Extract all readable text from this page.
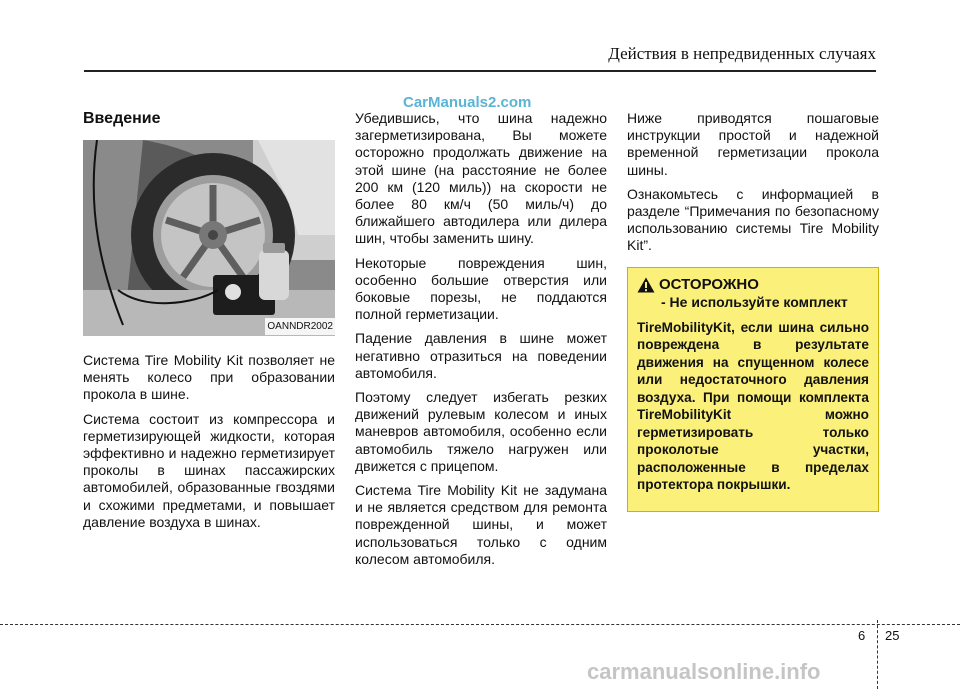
Действия в непредвиденных случаях
CarManuals2.com
Введение
OANNDR2002

Система Tire Mobility Kit позволяет не менять колесо при образовании прокола в шине.

Система состоит из компрессора и герметизирующей жидкости, которая эффективно и надежно герметизирует проколы в шинах пассажирских автомобилей, образованные гвоздями и схожими предметами, и повышает давление воздуха в шинах.

Убедившись, что шина надежно загерметизирована, Вы можете осторожно продолжать движение на этой шине (на расстояние не более 200 км (120 миль)) на скорости не более 80 км/ч (50 миль/ч) до ближайшего автодилера или дилера шин, чтобы заменить шину.

Некоторые повреждения шин, особенно большие отверстия или боковые порезы, не поддаются полной герметизации.

Падение давления в шине может негативно отразиться на поведении автомобиля.

Поэтому следует избегать резких движений рулевым колесом и иных маневров автомобиля, особенно если автомобиль тяжело нагружен или движется с прицепом.

Система Tire Mobility Kit не задумана и не является средством для ремонта поврежденной шины, и может использоваться только с одним колесом автомобиля.

Ниже приводятся пошаговые инструкции простой и надежной временной герметизации прокола шины.

Ознакомьтесь с информацией в разделе “Примечания по безопасному использованию системы Tire Mobility Kit”.

ОСТОРОЖНО
- Не используйте комплект

TireMobilityKit, если шина сильно повреждена в результате движения на спущенном колесе или недостаточного давления воздуха. При помощи комплекта TireMobilityKit можно герметизировать только проколотые участки, расположенные в пределах протектора покрышки.

6 25
carmanualsonline.info
